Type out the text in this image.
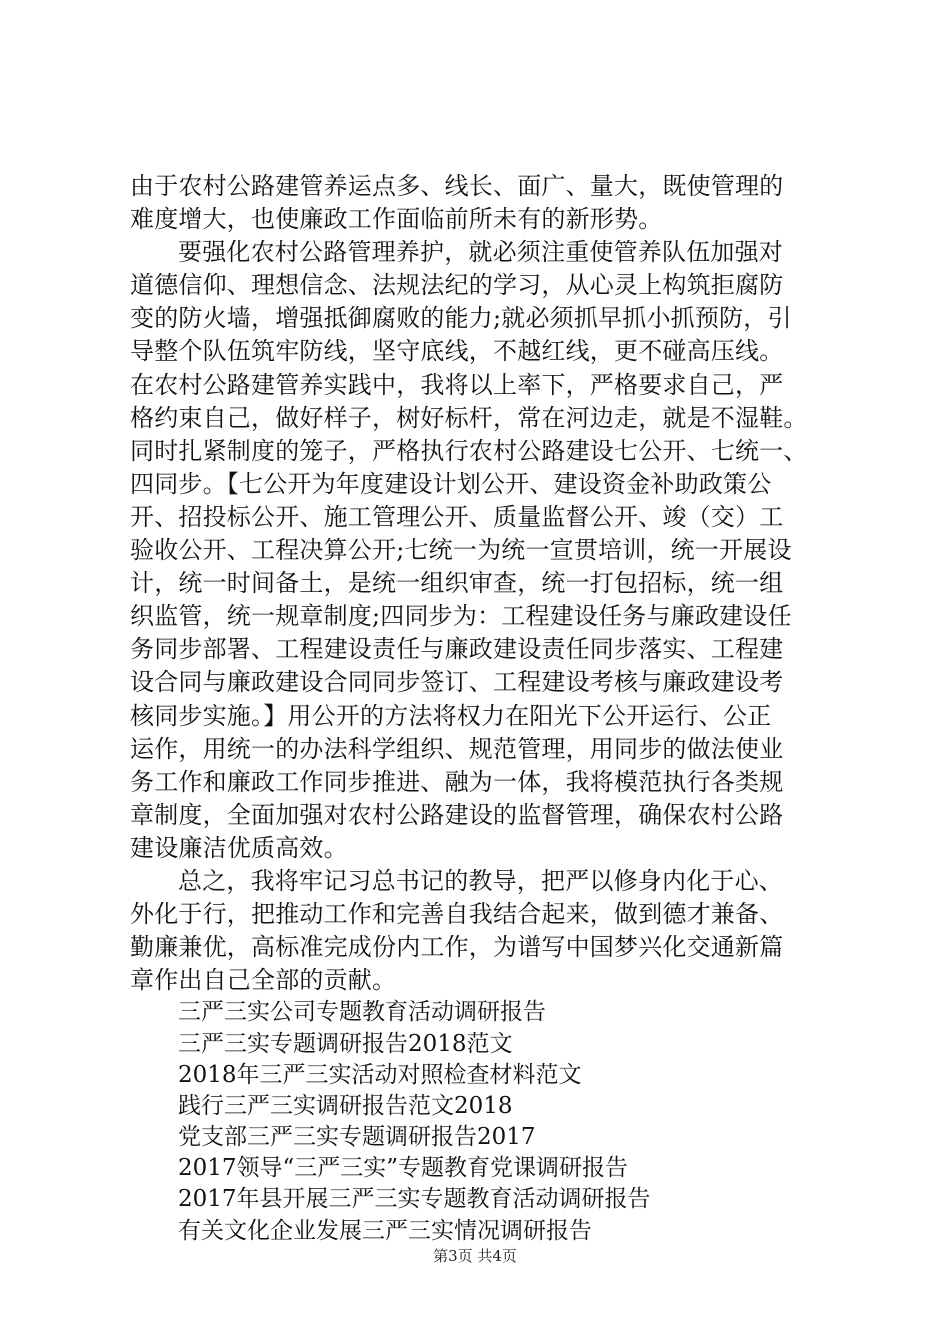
由于农村公路建管养运点多、线长、面广、量大，既使管理的
难度增大，也使廉政工作面临前所未有的新形势。
要强化农村公路管理养护，就必须注重使管养队伍加强对
道德信仰、理想信念、法规法纪的学习，从心灵上构筑拒腐防
变的防火墙，增强抵御腐败的能力;就必须抓早抓小抓预防，引
导整个队伍筑牢防线，坚守底线，不越红线，更不碰高压线。
在农村公路建管养实践中，我将以上率下，严格要求自己，严
格约束自己，做好样子，树好标杆，常在河边走，就是不湿鞋。
同时扎紧制度的笼子，严格执行农村公路建设七公开、七统一、
四同步。【七公开为年度建设计划公开、建设资金补助政策公
开、招投标公开、施工管理公开、质量监督公开、竣（交）工
验收公开、工程决算公开;七统一为统一宣贯培训，统一开展设
计，统一时间备土，是统一组织审查，统一打包招标，统一组
织监管，统一规章制度;四同步为：工程建设任务与廉政建设任
务同步部署、工程建设责任与廉政建设责任同步落实、工程建
设合同与廉政建设合同同步签订、工程建设考核与廉政建设考
核同步实施。】用公开的方法将权力在阳光下公开运行、公正
运作，用统一的办法科学组织、规范管理，用同步的做法使业
务工作和廉政工作同步推进、融为一体，我将模范执行各类规
章制度，全面加强对农村公路建设的监督管理，确保农村公路
建设廉洁优质高效。
总之，我将牢记习总书记的教导，把严以修身内化于心、
外化于行，把推动工作和完善自我结合起来，做到德才兼备、
勤廉兼优，高标准完成份内工作，为谱写中国梦兴化交通新篇
章作出自己全部的贡献。
三严三实公司专题教育活动调研报告
三严三实专题调研报告2018范文
2018年三严三实活动对照检查材料范文
践行三严三实调研报告范文2018
党支部三严三实专题调研报告2017
2017领导“三严三实”专题教育党课调研报告
2017年县开展三严三实专题教育活动调研报告
有关文化企业发展三严三实情况调研报告
第3页 共4页
